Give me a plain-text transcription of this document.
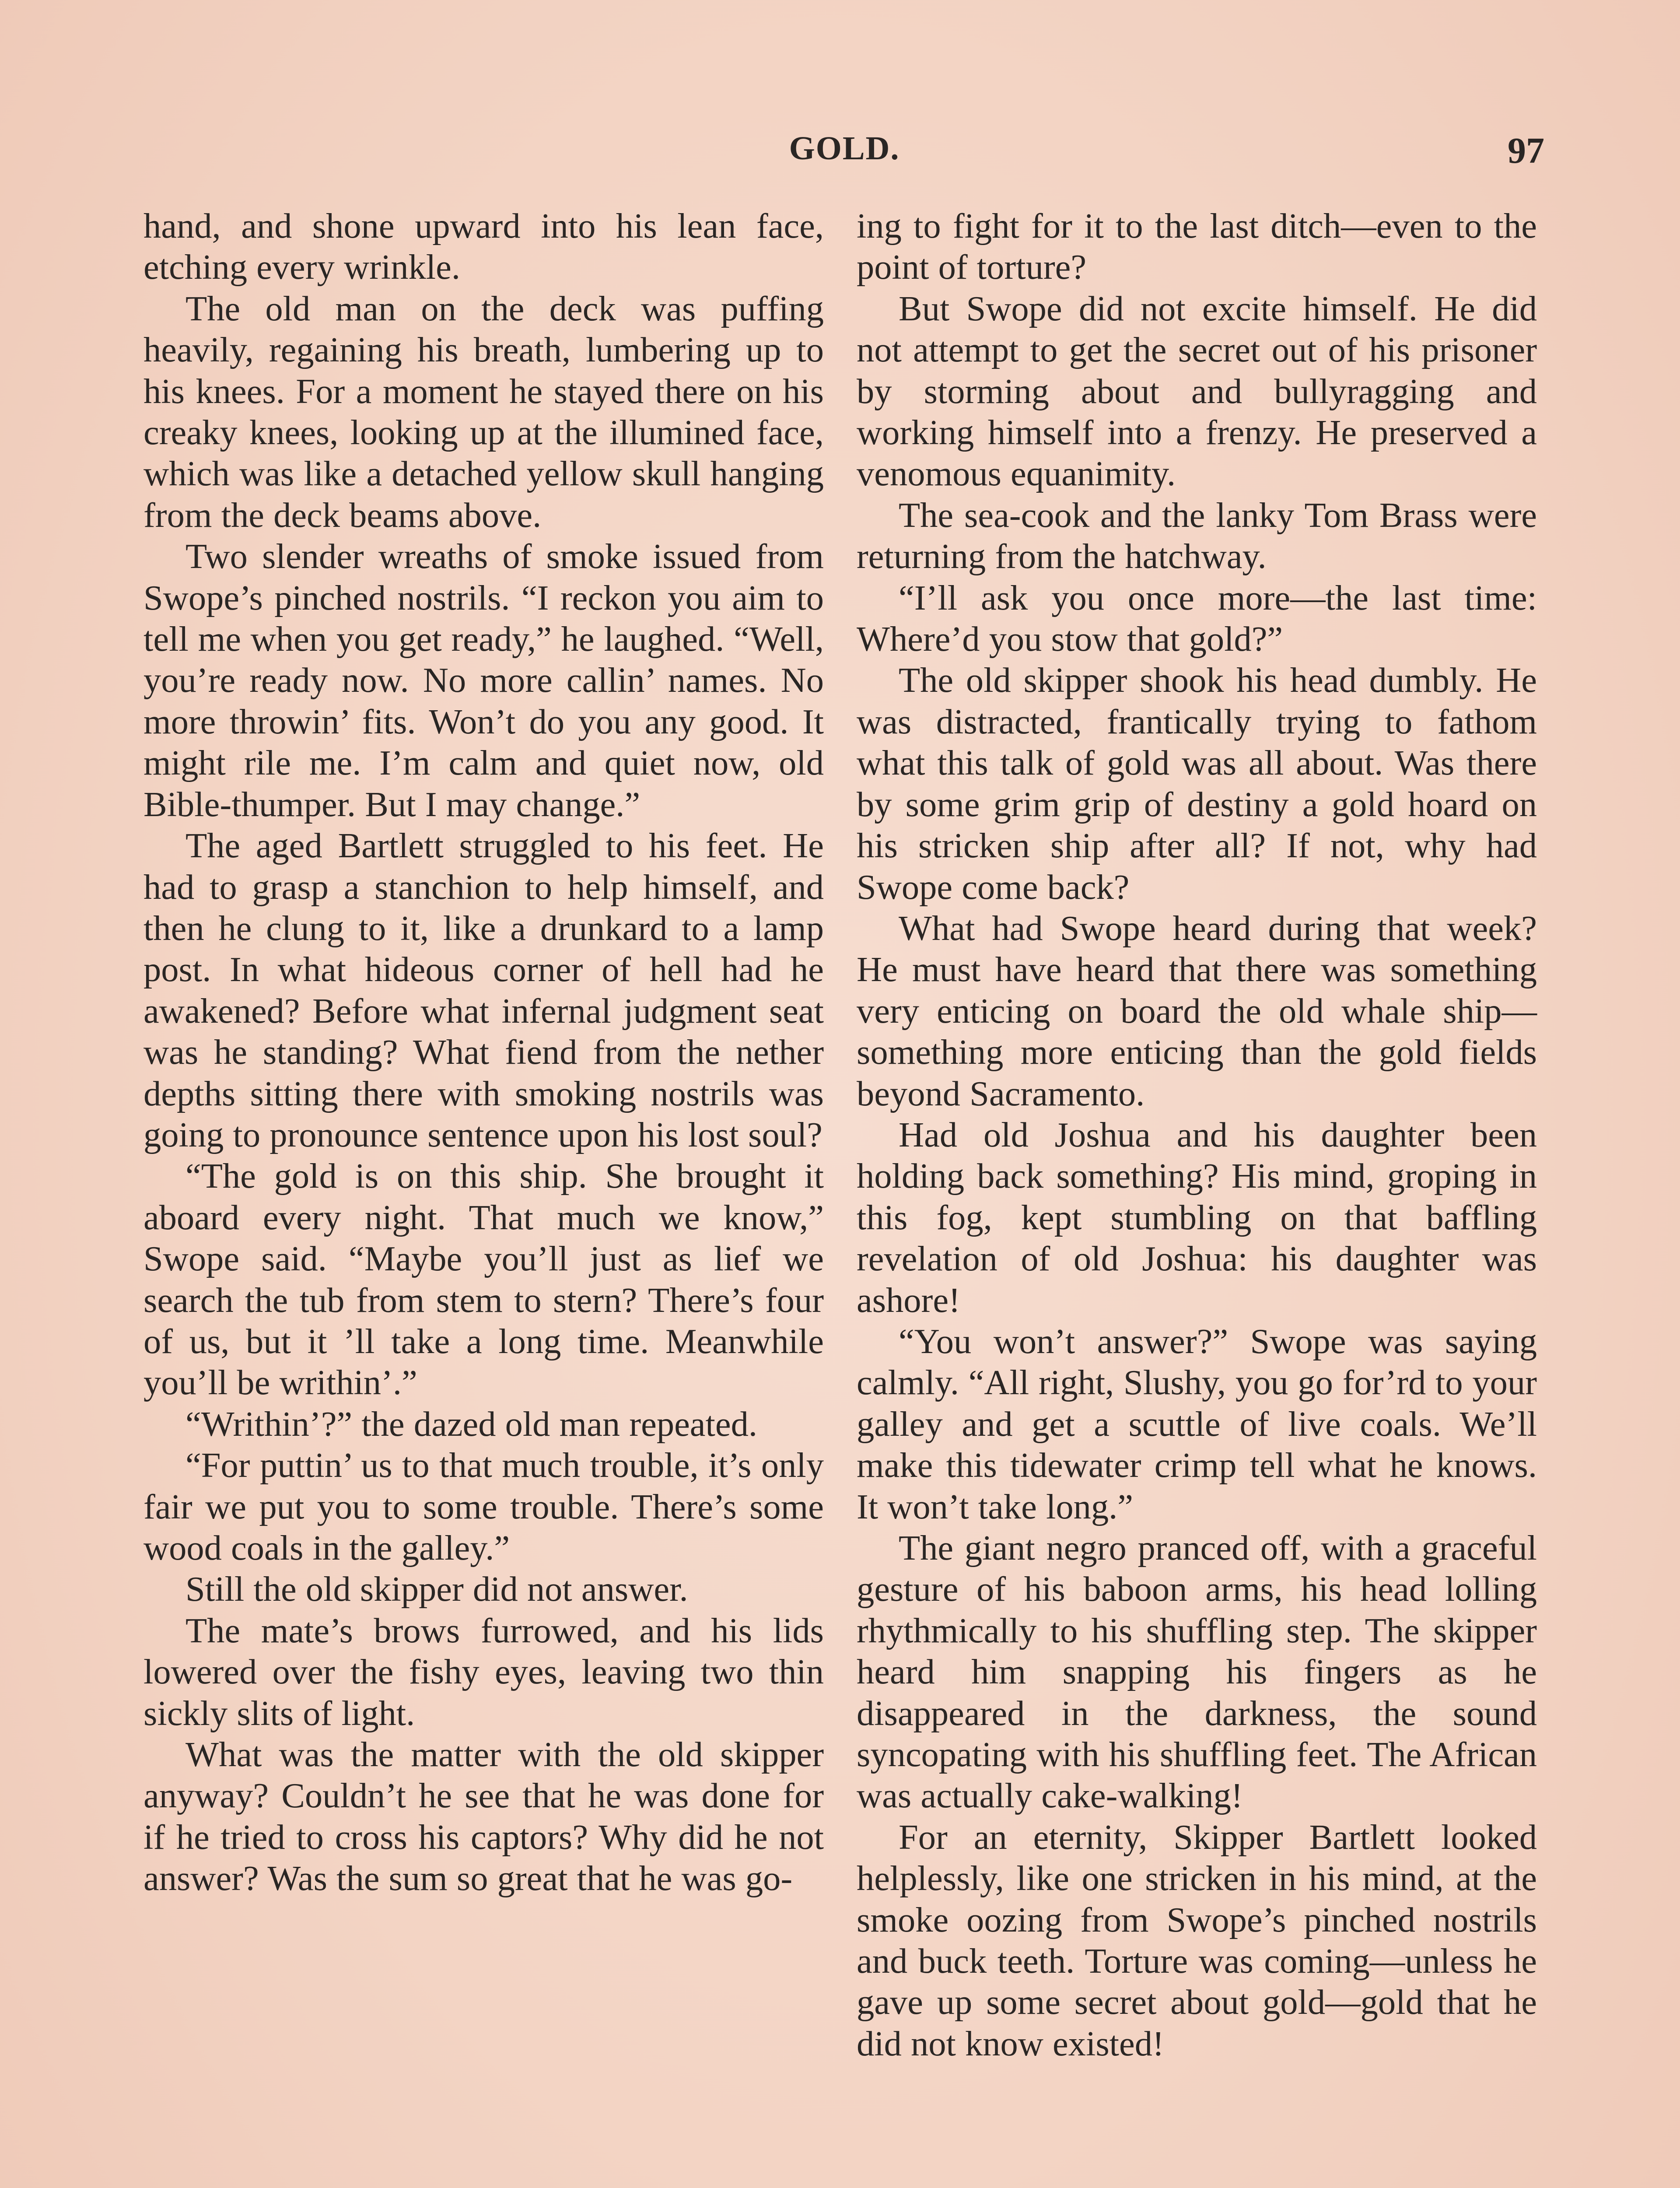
GOLD.	97

hand, and shone upward into his lean face, etching every wrinkle.

The old man on the deck was puffing heavily, regaining his breath, lumbering up to his knees. For a moment he stayed there on his creaky knees, looking up at the illumined face, which was like a detached yellow skull hanging from the deck beams above.

Two slender wreaths of smoke issued from Swope’s pinched nostrils. “I reckon you aim to tell me when you get ready,” he laughed. “Well, you’re ready now. No more callin’ names. No more throwin’ fits. Won’t do you any good. It might rile me. I’m calm and quiet now, old Bible-thumper. But I may change.”

The aged Bartlett struggled to his feet. He had to grasp a stanchion to help himself, and then he clung to it, like a drunkard to a lamp post. In what hideous corner of hell had he awakened? Before what infernal judgment seat was he standing? What fiend from the nether depths sitting there with smoking nostrils was going to pronounce sentence upon his lost soul?

“The gold is on this ship. She brought it aboard every night. That much we know,” Swope said. “Maybe you’ll just as lief we search the tub from stem to stern? There’s four of us, but it ’ll take a long time. Meanwhile you’ll be writhin’.”

“Writhin’?” the dazed old man repeated.

“For puttin’ us to that much trouble, it’s only fair we put you to some trouble. There’s some wood coals in the galley.”

Still the old skipper did not answer.

The mate’s brows furrowed, and his lids lowered over the fishy eyes, leaving two thin sickly slits of light.

What was the matter with the old skipper anyway? Couldn’t he see that he was done for if he tried to cross his captors? Why did he not answer? Was the sum so great that he was go-

ing to fight for it to the last ditch—even to the point of torture?

But Swope did not excite himself. He did not attempt to get the secret out of his prisoner by storming about and bullyragging and working himself into a frenzy. He preserved a venomous equanimity.

The sea-cook and the lanky Tom Brass were returning from the hatchway.

“I’ll ask you once more—the last time: Where’d you stow that gold?”

The old skipper shook his head dumbly. He was distracted, frantically trying to fathom what this talk of gold was all about. Was there by some grim grip of destiny a gold hoard on his stricken ship after all? If not, why had Swope come back?

What had Swope heard during that week? He must have heard that there was something very enticing on board the old whale ship—something more enticing than the gold fields beyond Sacramento.

Had old Joshua and his daughter been holding back something? His mind, groping in this fog, kept stumbling on that baffling revelation of old Joshua: his daughter was ashore!

“You won’t answer?” Swope was saying calmly. “All right, Slushy, you go for’rd to your galley and get a scuttle of live coals. We’ll make this tidewater crimp tell what he knows. It won’t take long.”

The giant negro pranced off, with a graceful gesture of his baboon arms, his head lolling rhythmically to his shuffling step. The skipper heard him snapping his fingers as he disappeared in the darkness, the sound syncopating with his shuffling feet. The African was actually cake-walking!

For an eternity, Skipper Bartlett looked helplessly, like one stricken in his mind, at the smoke oozing from Swope’s pinched nostrils and buck teeth. Torture was coming—unless he gave up some secret about gold—gold that he did not know existed!
